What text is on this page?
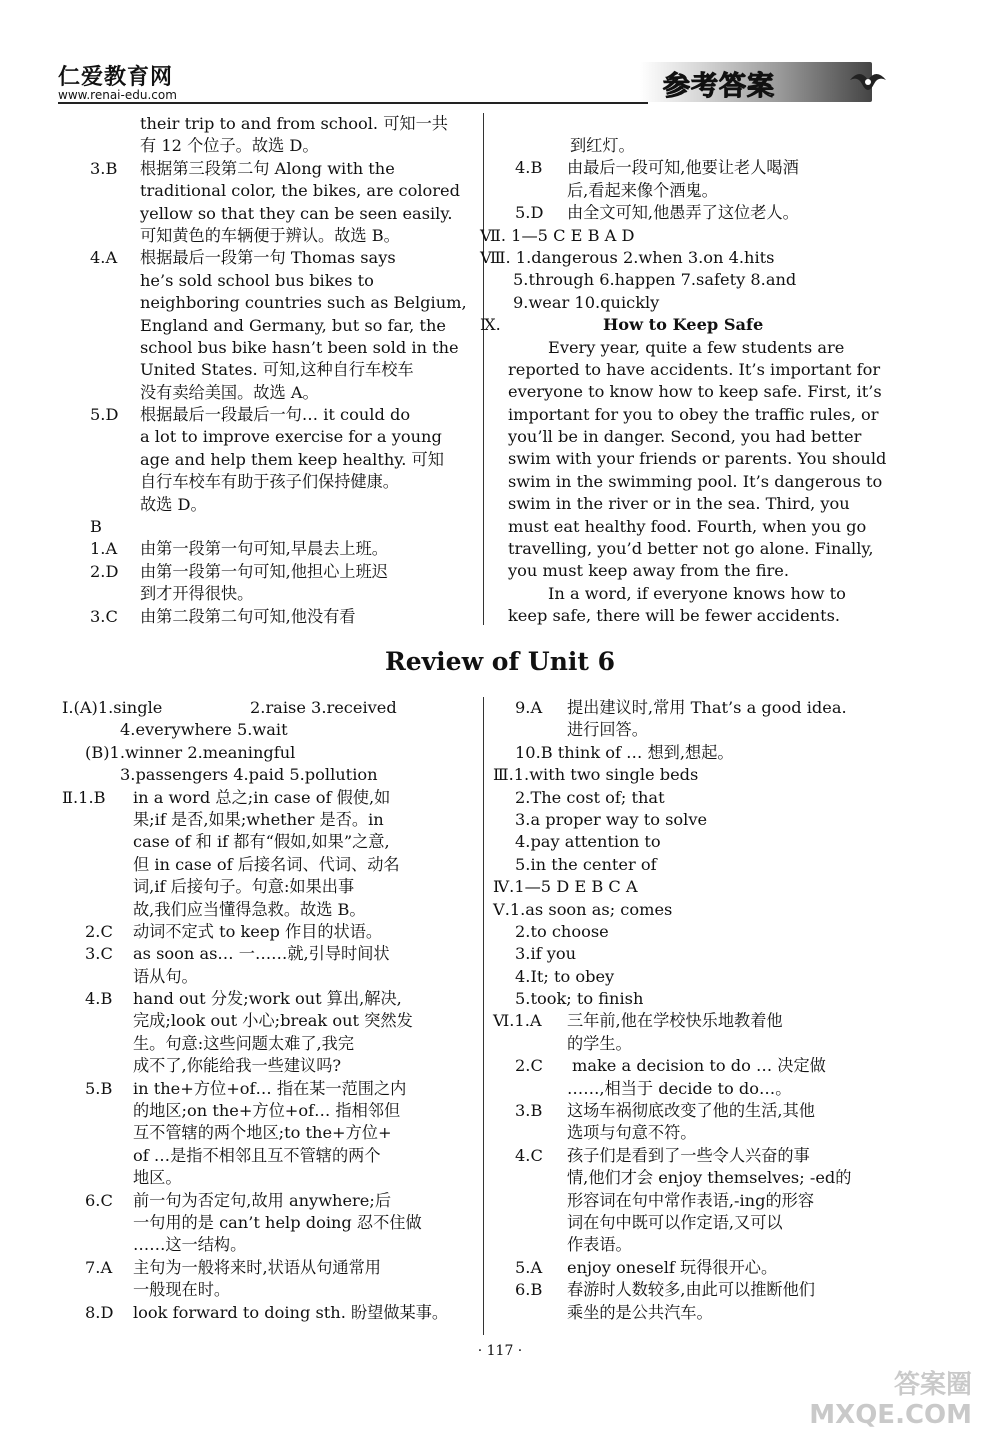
仁爱教育网
www.renai-edu.com	参考答案
their trip to and from school. 可知一共
有 12 个位子。故选 D。
3.B 根据第三段第二句 Along with the
traditional color, the bikes, are colored
yellow so that they can be seen easily.
可知黄色的车辆便于辨认。故选 B。
4.A 根据最后一段第一句 Thomas says
he’s sold school bus bikes to
neighboring countries such as Belgium,
England and Germany, but so far, the
school bus bike hasn’t been sold in the
United States. 可知,这种自行车校车
没有卖给美国。故选 A。
5.D 根据最后一段最后一句… it could do
a lot to improve exercise for a young
age and help them keep healthy. 可知
自行车校车有助于孩子们保持健康。
故选 D。
B
1.A 由第一段第一句可知,早晨去上班。
2.D 由第一段第一句可知,他担心上班迟
到才开得很快。
3.C 由第二段第二句可知,他没有看
到红灯。
4.B 由最后一段可知,他要让老人喝酒
后,看起来像个酒鬼。
5.D 由全文可知,他愚弄了这位老人。
Ⅶ. 1—5 C E B A D
Ⅷ. 1.dangerous 2.when 3.on 4.hits
5.through 6.happen 7.safety 8.and
9.wear 10.quickly
Ⅸ.	How to Keep Safe
Every year, quite a few students are
reported to have accidents. It’s important for
everyone to know how to keep safe. First, it’s
important for you to obey the traffic rules, or
you’ll be in danger. Second, you had better
swim with your friends or parents. You should
swim in the swimming pool. It’s dangerous to
swim in the river or in the sea. Third, you
must eat healthy food. Fourth, when you go
travelling, you’d better not go alone. Finally,
you must keep away from the fire.
In a word, if everyone knows how to
keep safe, there will be fewer accidents.
Review of Unit 6
Ⅰ.(A)1.single	2.raise 3.received
4.everywhere 5.wait
(B)1.winner 2.meaningful
3.passengers 4.paid 5.pollution
Ⅱ.1.B in a word 总之;in case of 假使,如
果;if 是否,如果;whether 是否。in
case of 和 if 都有“假如,如果”之意,
但 in case of 后接名词、代词、动名
词,if 后接句子。句意:如果出事
故,我们应当懂得急救。故选 B。
2.C 动词不定式 to keep 作目的状语。
3.C as soon as… 一……就,引导时间状
语从句。
4.B hand out 分发;work out 算出,解决,
完成;look out 小心;break out 突然发
生。句意:这些问题太难了,我完
成不了,你能给我一些建议吗?
5.B in the+方位+of… 指在某一范围之内
的地区;on the+方位+of… 指相邻但
互不管辖的两个地区;to the+方位+
of …是指不相邻且互不管辖的两个
地区。
6.C 前一句为否定句,故用 anywhere;后
一句用的是 can’t help doing 忍不住做
……这一结构。
7.A 主句为一般将来时,状语从句通常用
一般现在时。
8.D look forward to doing sth. 盼望做某事。
9.A 提出建议时,常用 That’s a good idea.
进行回答。
10.B think of … 想到,想起。
Ⅲ.1.with two single beds
2.The cost of; that
3.a proper way to solve
4.pay attention to
5.in the center of
Ⅳ.1—5 D E B C A
Ⅴ.1.as soon as; comes
2.to choose
3.if you
4.It; to obey
5.took; to finish
Ⅵ.1.A 三年前,他在学校快乐地教着他
的学生。
2.C make a decision to do … 决定做
……,相当于 decide to do…。
3.B 这场车祸彻底改变了他的生活,其他
选项与句意不符。
4.C 孩子们是看到了一些令人兴奋的事
情,他们才会 enjoy themselves; -ed的
形容词在句中常作表语,-ing的形容
词在句中既可以作定语,又可以
作表语。
5.A enjoy oneself 玩得很开心。
6.B 春游时人数较多,由此可以推断他们
乘坐的是公共汽车。
· 117 ·
答案圈
MXQE.COM
